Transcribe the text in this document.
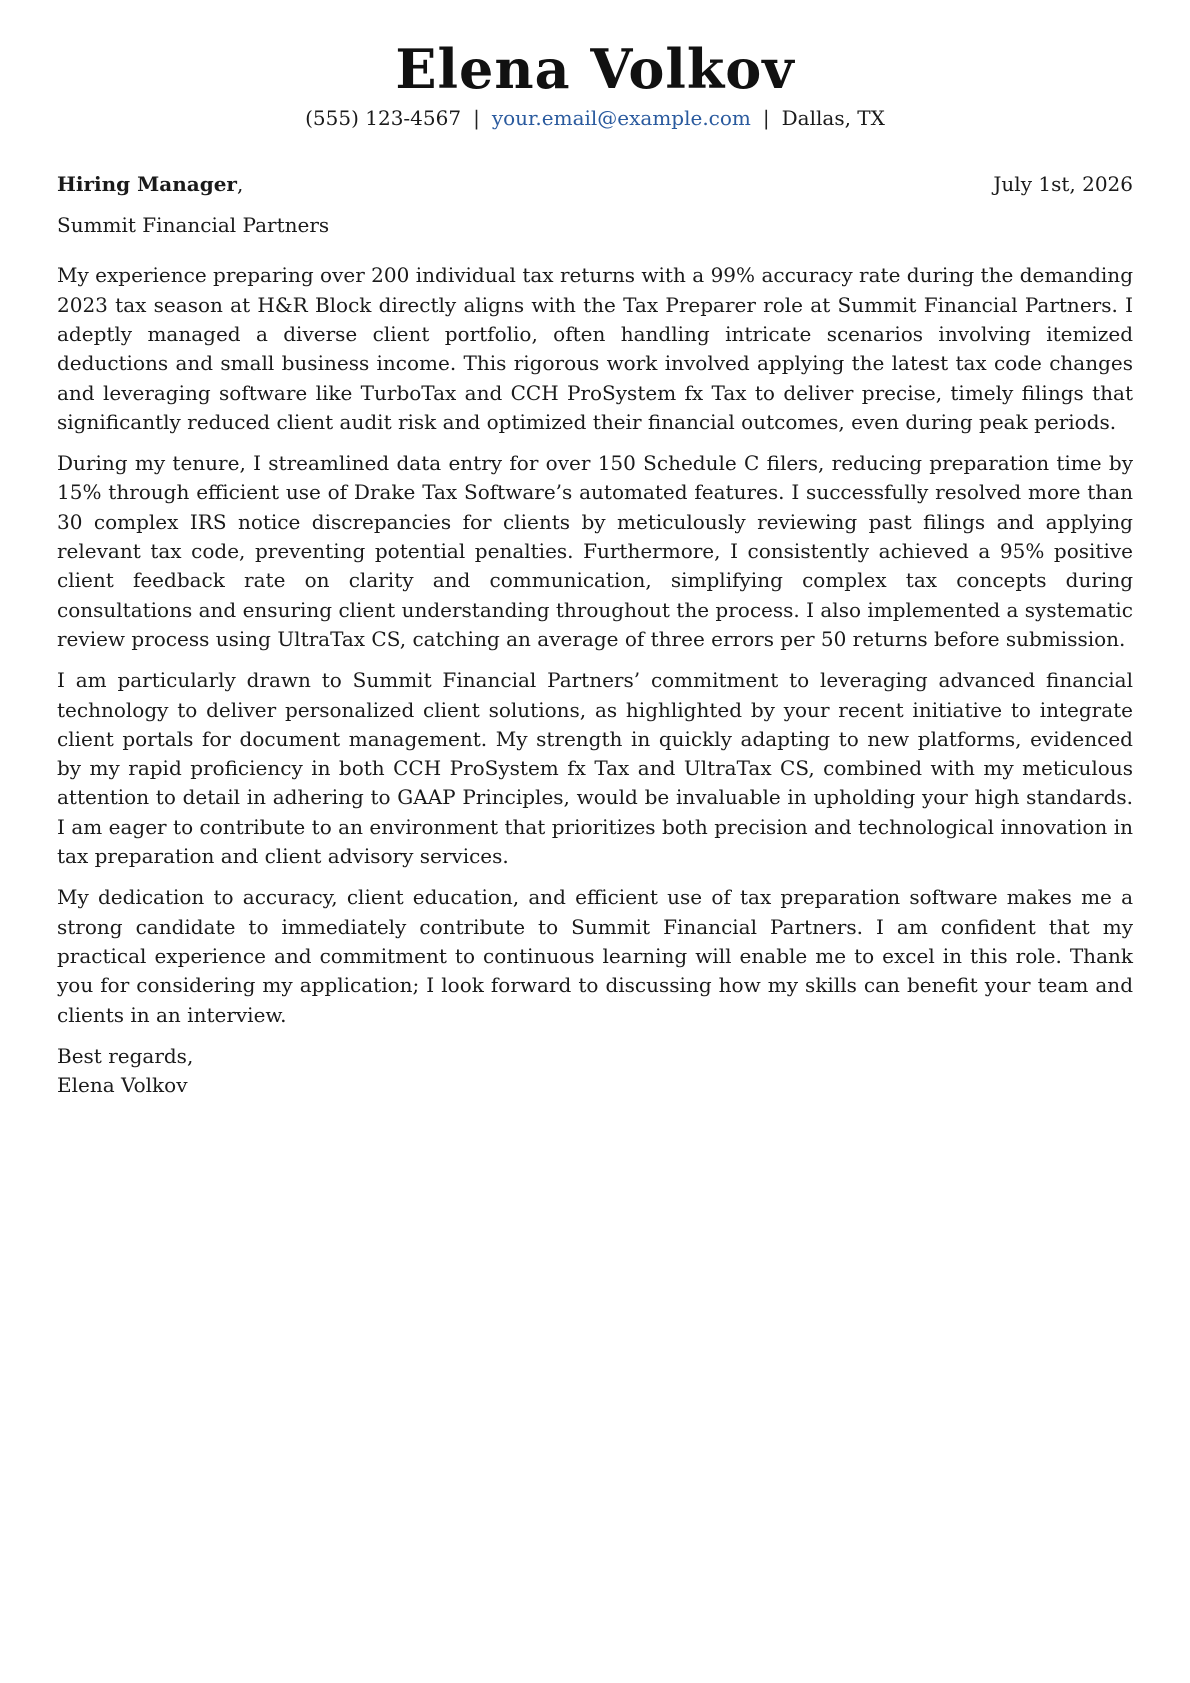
Elena Volkov
(555) 123-4567 | your.email@example.com | Dallas, TX
Hiring Manager,	July 1st, 2026
Summit Financial Partners

My experience preparing over 200 individual tax returns with a 99% accuracy rate during the demanding 2023 tax season at H&R Block directly aligns with the Tax Preparer role at Summit Financial Partners. I adeptly managed a diverse client portfolio, often handling intricate scenarios involving itemized deductions and small business income. This rigorous work involved applying the latest tax code changes and leveraging software like TurboTax and CCH ProSystem fx Tax to deliver precise, timely filings that significantly reduced client audit risk and optimized their financial outcomes, even during peak periods.

During my tenure, I streamlined data entry for over 150 Schedule C filers, reducing preparation time by 15% through efficient use of Drake Tax Software’s automated features. I successfully resolved more than 30 complex IRS notice discrepancies for clients by meticulously reviewing past filings and applying relevant tax code, preventing potential penalties. Furthermore, I consistently achieved a 95% positive client feedback rate on clarity and communication, simplifying complex tax concepts during consultations and ensuring client understanding throughout the process. I also implemented a systematic review process using UltraTax CS, catching an average of three errors per 50 returns before submission.

I am particularly drawn to Summit Financial Partners’ commitment to leveraging advanced financial technology to deliver personalized client solutions, as highlighted by your recent initiative to integrate client portals for document management. My strength in quickly adapting to new platforms, evidenced by my rapid proficiency in both CCH ProSystem fx Tax and UltraTax CS, combined with my meticulous attention to detail in adhering to GAAP Principles, would be invaluable in upholding your high standards. I am eager to contribute to an environment that prioritizes both precision and technological innovation in tax preparation and client advisory services.

My dedication to accuracy, client education, and efficient use of tax preparation software makes me a strong candidate to immediately contribute to Summit Financial Partners. I am confident that my practical experience and commitment to continuous learning will enable me to excel in this role. Thank you for considering my application; I look forward to discussing how my skills can benefit your team and clients in an interview.

Best regards,
Elena Volkov
